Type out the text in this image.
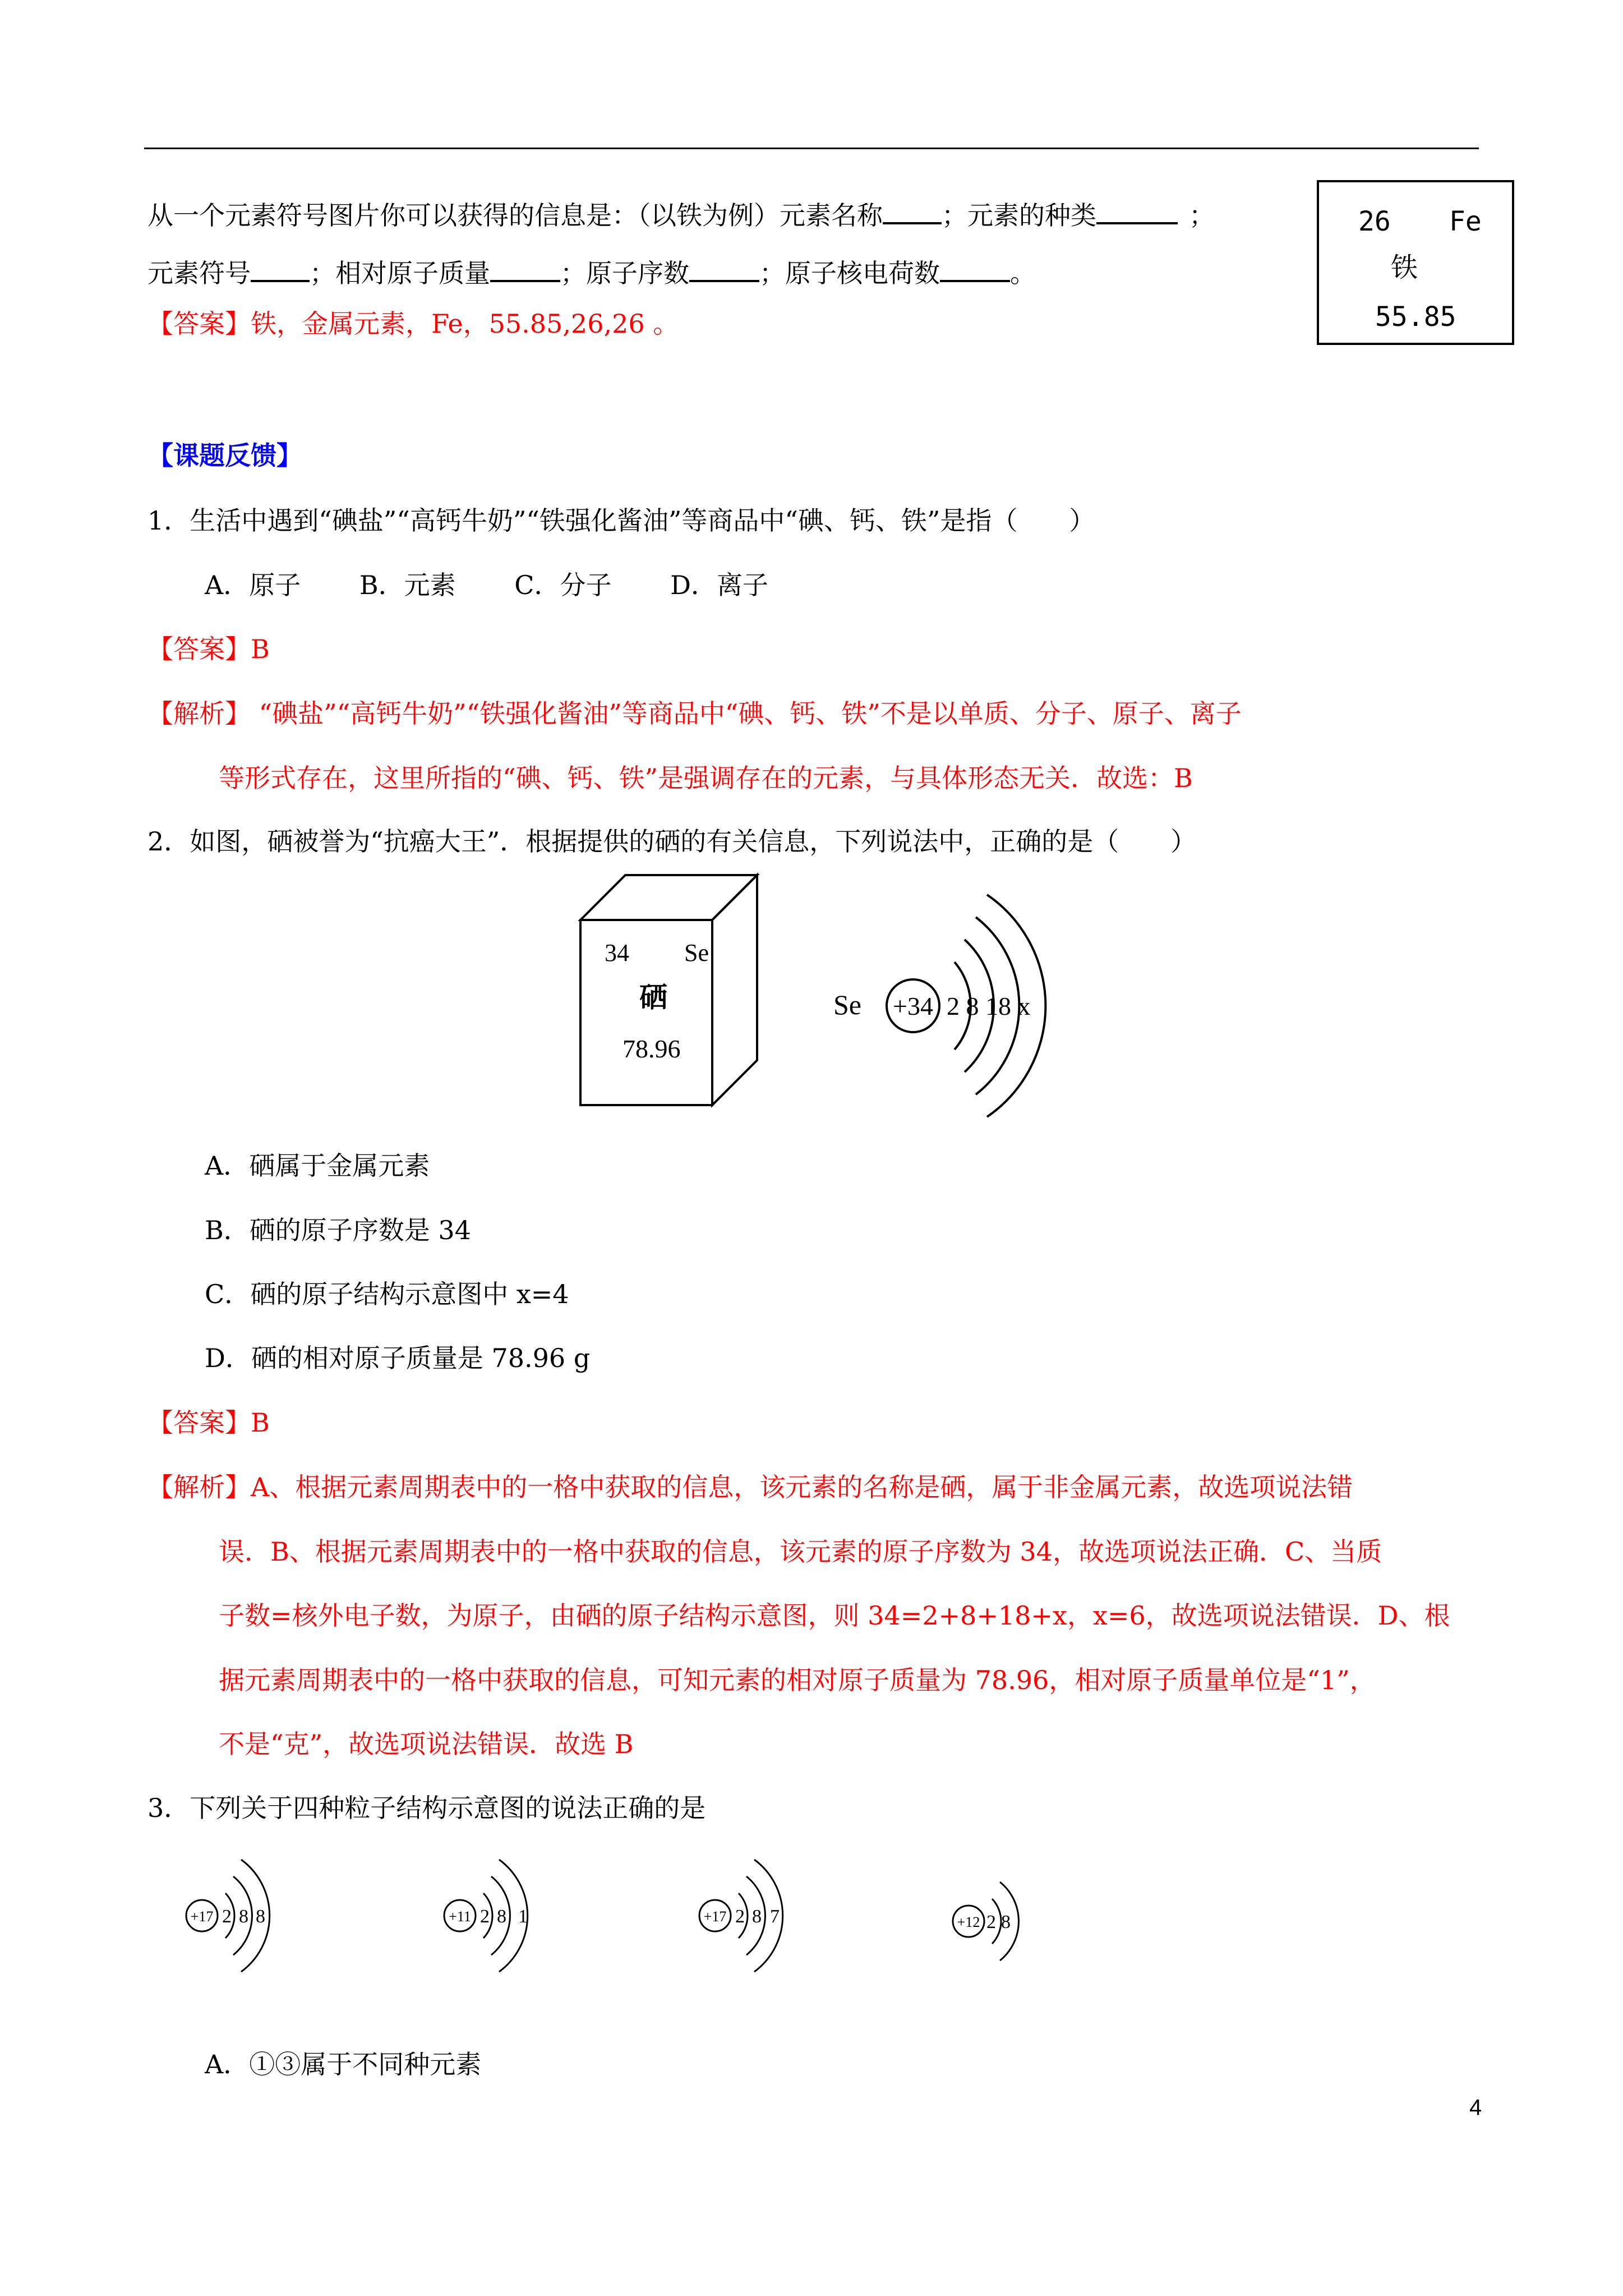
从一个元素符号图片你可以获得的信息是：（以铁为例）元素名称 ；元素的种类	；
元素符号 ；相对原子质量	；原子序数	；原子核电荷数	。
【答案】铁，金属元素，Fe，55.85,26,26 。
26 Fe
铁
55.85
【课题反馈】
1．生活中遇到“碘盐”“高钙牛奶”“铁强化酱油”等商品中“碘、钙、铁”是指（　　）
A．原子 B．元素 C．分子 D．离子
【答案】B
【解析】 “碘盐”“高钙牛奶”“铁强化酱油”等商品中“碘、钙、铁”不是以单质、分子、原子、离子
等形式存在，这里所指的“碘、钙、铁”是强调存在的元素，与具体形态无关．故选：B
2．如图，硒被誉为“抗癌大王”．根据提供的硒的有关信息，下列说法中，正确的是（　　）
34 Se
硒
78.96
Se +34 2 8 18 x
A．硒属于金属元素
B．硒的原子序数是 34
C．硒的原子结构示意图中 x=4
D．硒的相对原子质量是 78.96 g
【答案】B
【解析】A、根据元素周期表中的一格中获取的信息，该元素的名称是硒，属于非金属元素，故选项说法错
误．B、根据元素周期表中的一格中获取的信息，该元素的原子序数为 34，故选项说法正确．C、当质
子数=核外电子数，为原子，由硒的原子结构示意图，则 34=2+8+18+x，x=6，故选项说法错误．D、根
据元素周期表中的一格中获取的信息，可知元素的相对原子质量为 78.96，相对原子质量单位是“1”，
不是“克”，故选项说法错误．故选 B
3．下列关于四种粒子结构示意图的说法正确的是
+17 2 8 8	+11 2 8 1	+17 2 8 7	+12 2 8
A．①③属于不同种元素
4
